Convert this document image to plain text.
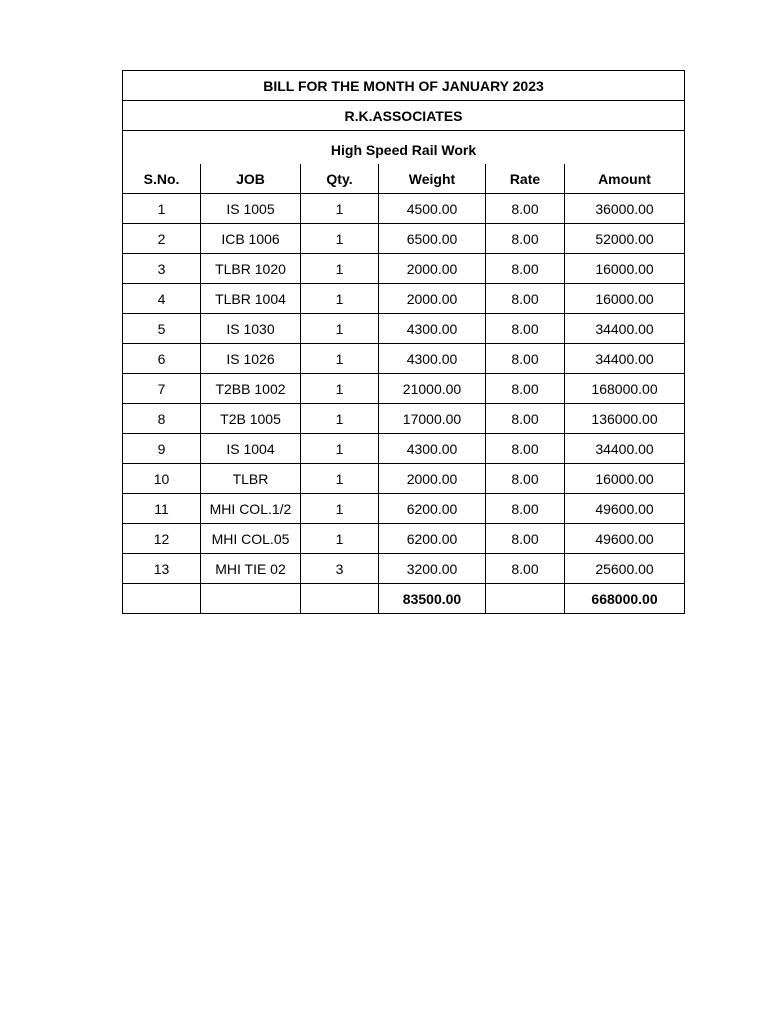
BILL FOR THE MONTH OF JANUARY 2023					
R.K.ASSOCIATES					
High Speed Rail Work					
S.No.	JOB	Qty.	Weight	Rate	Amount
1	IS 1005	1	4500.00	8.00	36000.00
2	ICB 1006	1	6500.00	8.00	52000.00
3	TLBR 1020	1	2000.00	8.00	16000.00
4	TLBR 1004	1	2000.00	8.00	16000.00
5	IS 1030	1	4300.00	8.00	34400.00
6	IS 1026	1	4300.00	8.00	34400.00
7	T2BB 1002	1	21000.00	8.00	168000.00
8	T2B 1005	1	17000.00	8.00	136000.00
9	IS 1004	1	4300.00	8.00	34400.00
10	TLBR	1	2000.00	8.00	16000.00
11	MHI COL.1/2	1	6200.00	8.00	49600.00
12	MHI COL.05	1	6200.00	8.00	49600.00
13	MHI TIE 02	3	3200.00	8.00	25600.00
			83500.00		668000.00
